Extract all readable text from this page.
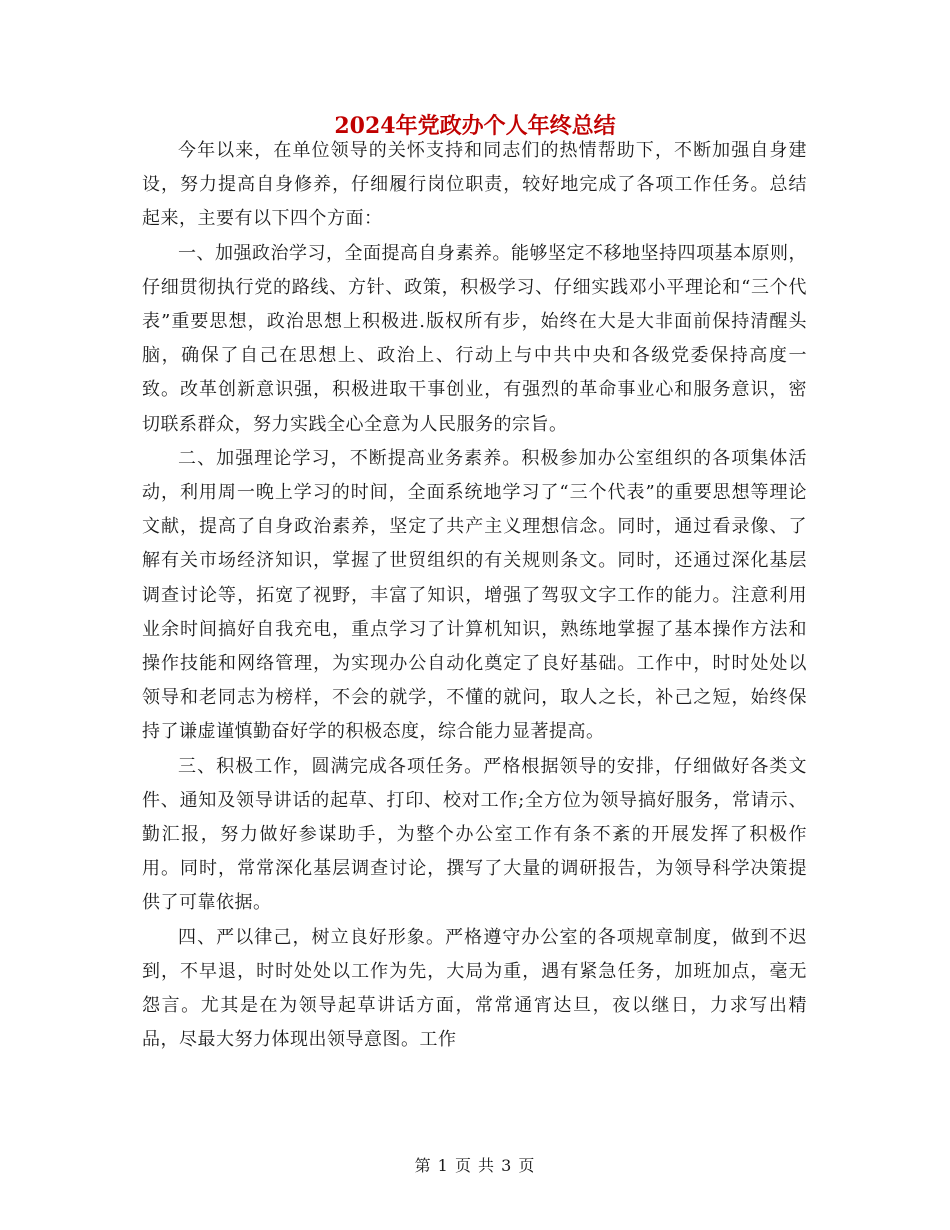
2024年党政办个人年终总结

今年以来，在单位领导的关怀支持和同志们的热情帮助下，不断加强自身建设，努力提高自身修养，仔细履行岗位职责，较好地完成了各项工作任务。总结起来，主要有以下四个方面：

一、加强政治学习，全面提高自身素养。能够坚定不移地坚持四项基本原则，仔细贯彻执行党的路线、方针、政策，积极学习、仔细实践邓小平理论和“三个代表”重要思想，政治思想上积极进.版权所有步，始终在大是大非面前保持清醒头脑，确保了自己在思想上、政治上、行动上与中共中央和各级党委保持高度一致。改革创新意识强，积极进取干事创业，有强烈的革命事业心和服务意识，密切联系群众，努力实践全心全意为人民服务的宗旨。

二、加强理论学习，不断提高业务素养。积极参加办公室组织的各项集体活动，利用周一晚上学习的时间，全面系统地学习了“三个代表”的重要思想等理论文献，提高了自身政治素养，坚定了共产主义理想信念。同时，通过看录像、了解有关市场经济知识，掌握了世贸组织的有关规则条文。同时，还通过深化基层调查讨论等，拓宽了视野，丰富了知识，增强了驾驭文字工作的能力。注意利用业余时间搞好自我充电，重点学习了计算机知识，熟练地掌握了基本操作方法和操作技能和网络管理，为实现办公自动化奠定了良好基础。工作中，时时处处以领导和老同志为榜样，不会的就学，不懂的就问，取人之长，补己之短，始终保持了谦虚谨慎勤奋好学的积极态度，综合能力显著提高。

三、积极工作，圆满完成各项任务。严格根据领导的安排，仔细做好各类文件、通知及领导讲话的起草、打印、校对工作;全方位为领导搞好服务，常请示、勤汇报，努力做好参谋助手，为整个办公室工作有条不紊的开展发挥了积极作用。同时，常常深化基层调查讨论，撰写了大量的调研报告，为领导科学决策提供了可靠依据。

四、严以律己，树立良好形象。严格遵守办公室的各项规章制度，做到不迟到，不早退，时时处处以工作为先，大局为重，遇有紧急任务，加班加点，毫无怨言。尤其是在为领导起草讲话方面，常常通宵达旦，夜以继日，力求写出精品，尽最大努力体现出领导意图。工作

第 1 页 共 3 页
